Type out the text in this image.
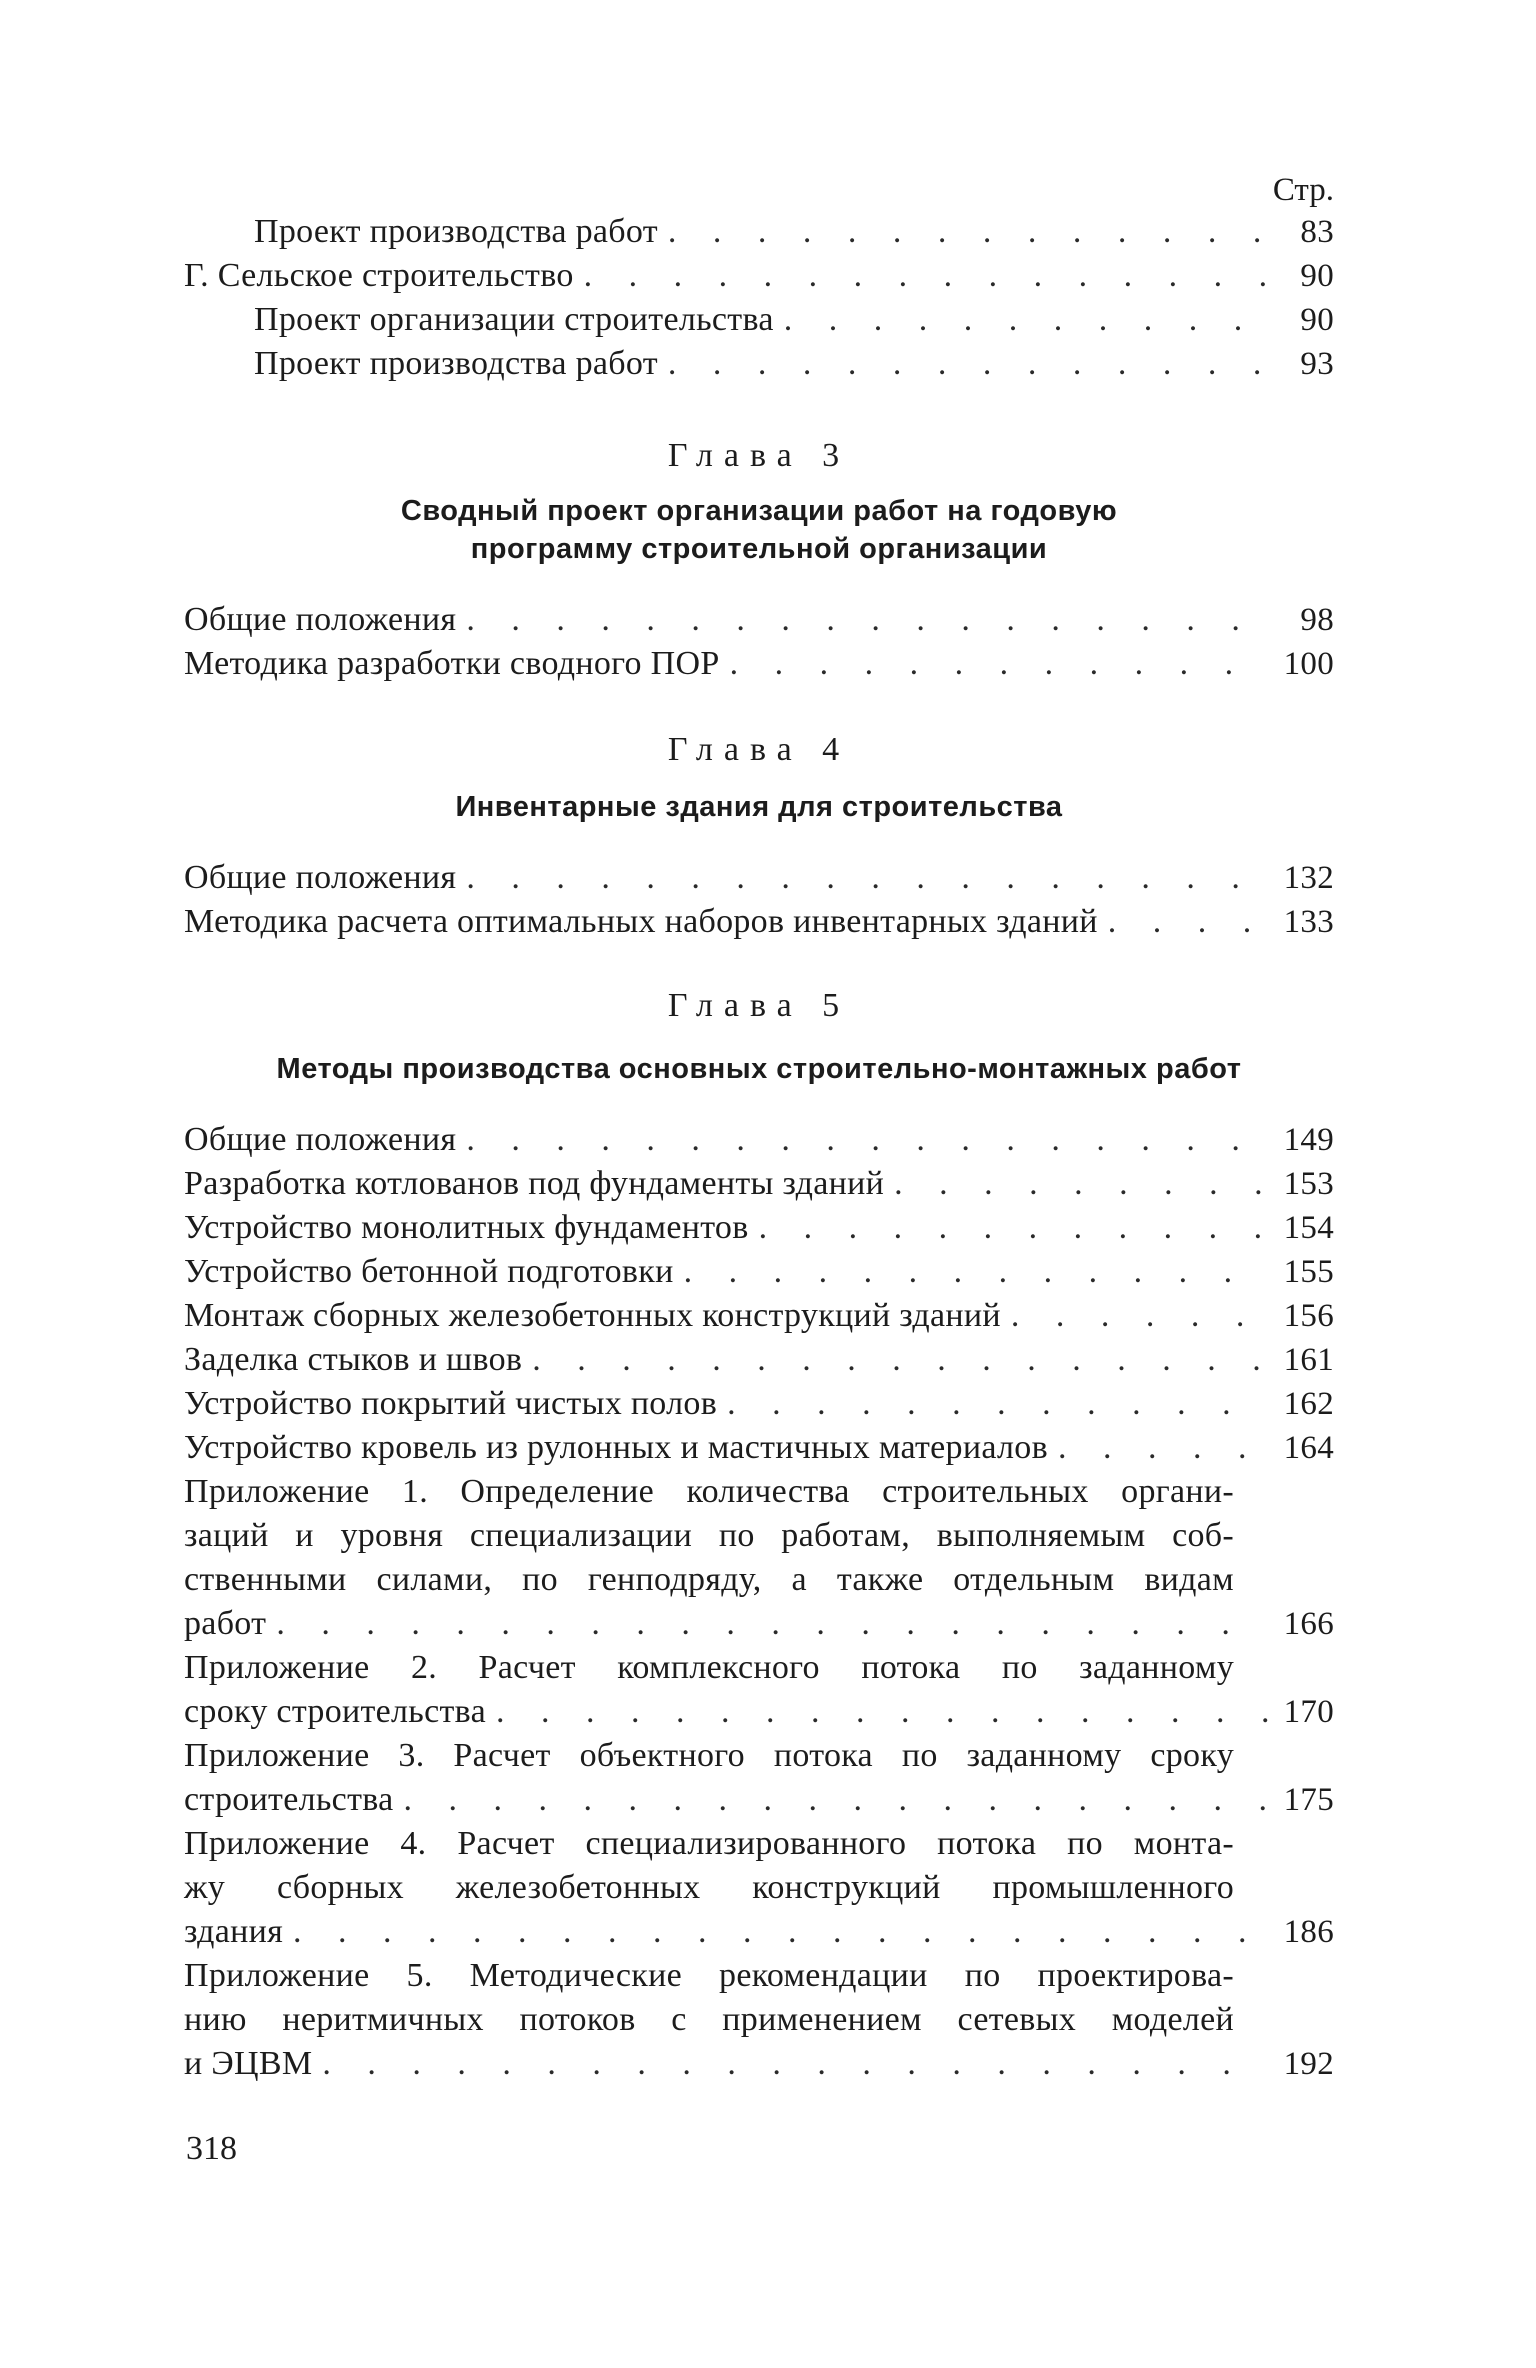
Стр.
Проект производства работ . . .	83
Г. Сельское строительство . . .	90
Проект организации строительства . . .	90
Проект производства работ . . .	93
Глава 3
Сводный проект организации работ на годовую
программу строительной организации
Общие положения . . .	98
Методика разработки сводного ПОР . . .	100
Глава 4
Инвентарные здания для строительства
Общие положения . . .	132
Методика расчета оптимальных наборов инвентарных зданий . . .	133
Глава 5
Методы производства основных строительно-монтажных работ
Общие положения . . .	149
Разработка котлованов под фундаменты зданий . . .	153
Устройство монолитных фундаментов . . .	154
Устройство бетонной подготовки . . .	155
Монтаж сборных железобетонных конструкций зданий . . .	156
Заделка стыков и швов . . .	161
Устройство покрытий чистых полов . . .	162
Устройство кровель из рулонных и мастичных материалов . . .	164
Приложение 1. Определение количества строительных органи-
заций и уровня специализации по работам, выполняемым соб-
ственными силами, по генподряду, а также отдельным видам
работ . . .	166
Приложение 2. Расчет комплексного потока по заданному
сроку строительства . . .	170
Приложение 3. Расчет объектного потока по заданному сроку
строительства . . .	175
Приложение 4. Расчет специализированного потока по монта-
жу сборных железобетонных конструкций промышленного
здания . . .	186
Приложение 5. Методические рекомендации по проектирова-
нию неритмичных потоков с применением сетевых моделей
и ЭЦВМ . . .	192
318
